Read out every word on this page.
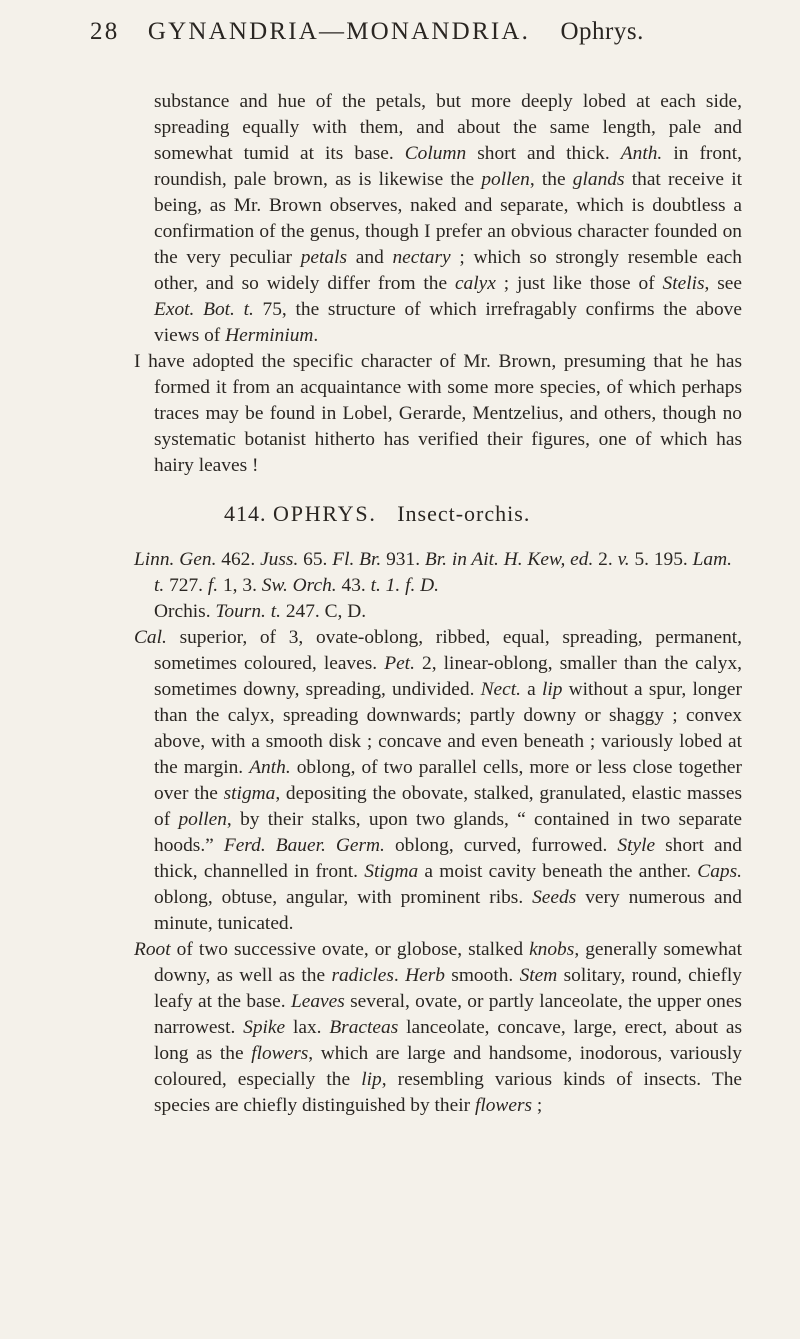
28 GYNANDRIA—MONANDRIA. Ophrys.

substance and hue of the petals, but more deeply lobed at each side, spreading equally with them, and about the same length, pale and somewhat tumid at its base. Column short and thick. Anth. in front, roundish, pale brown, as is likewise the pollen, the glands that receive it being, as Mr. Brown observes, naked and separate, which is doubtless a confirmation of the genus, though I prefer an obvious character founded on the very peculiar petals and nectary ; which so strongly resemble each other, and so widely differ from the calyx ; just like those of Stelis, see Exot. Bot. t. 75, the structure of which irrefragably confirms the above views of Herminium.

I have adopted the specific character of Mr. Brown, presuming that he has formed it from an acquaintance with some more species, of which perhaps traces may be found in Lobel, Gerarde, Mentzelius, and others, though no systematic botanist hitherto has verified their figures, one of which has hairy leaves !

414. OPHRYS. Insect-orchis.

Linn. Gen. 462. Juss. 65. Fl. Br. 931. Br. in Ait. H. Kew, ed. 2. v. 5. 195. Lam. t. 727. f. 1, 3. Sw. Orch. 43. t. 1. f. D.
Orchis. Tourn. t. 247. C, D.

Cal. superior, of 3, ovate-oblong, ribbed, equal, spreading, permanent, sometimes coloured, leaves. Pet. 2, linear-oblong, smaller than the calyx, sometimes downy, spreading, undivided. Nect. a lip without a spur, longer than the calyx, spreading downwards; partly downy or shaggy ; convex above, with a smooth disk ; concave and even beneath ; variously lobed at the margin. Anth. oblong, of two parallel cells, more or less close together over the stigma, depositing the obovate, stalked, granulated, elastic masses of pollen, by their stalks, upon two glands, “ contained in two separate hoods.” Ferd. Bauer. Germ. oblong, curved, furrowed. Style short and thick, channelled in front. Stigma a moist cavity beneath the anther. Caps. oblong, obtuse, angular, with prominent ribs. Seeds very numerous and minute, tunicated.

Root of two successive ovate, or globose, stalked knobs, generally somewhat downy, as well as the radicles. Herb smooth. Stem solitary, round, chiefly leafy at the base. Leaves several, ovate, or partly lanceolate, the upper ones narrowest. Spike lax. Bracteas lanceolate, concave, large, erect, about as long as the flowers, which are large and handsome, inodorous, variously coloured, especially the lip, resembling various kinds of insects. The species are chiefly distinguished by their flowers ;
